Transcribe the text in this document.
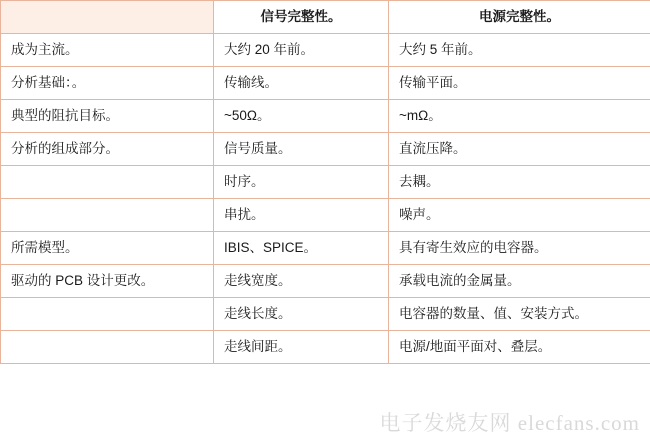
	信号完整性。	电源完整性。

成为主流。	大约 20 年前。	大约 5 年前。

分析基础：。	传输线。	传输平面。

典型的阻抗目标。	~50Ω。	~mΩ。

分析的组成部分。	信号质量。	直流压降。

	时序。	去耦。

	串扰。	噪声。

所需模型。	IBIS、SPICE。	具有寄生效应的电容器。

驱动的 PCB 设计更改。	走线宽度。	承载电流的金属量。

	走线长度。	电容器的数量、值、安装方式。

	走线间距。	电源/地面平面对、叠层。
电子发烧友网 elecfans.com
